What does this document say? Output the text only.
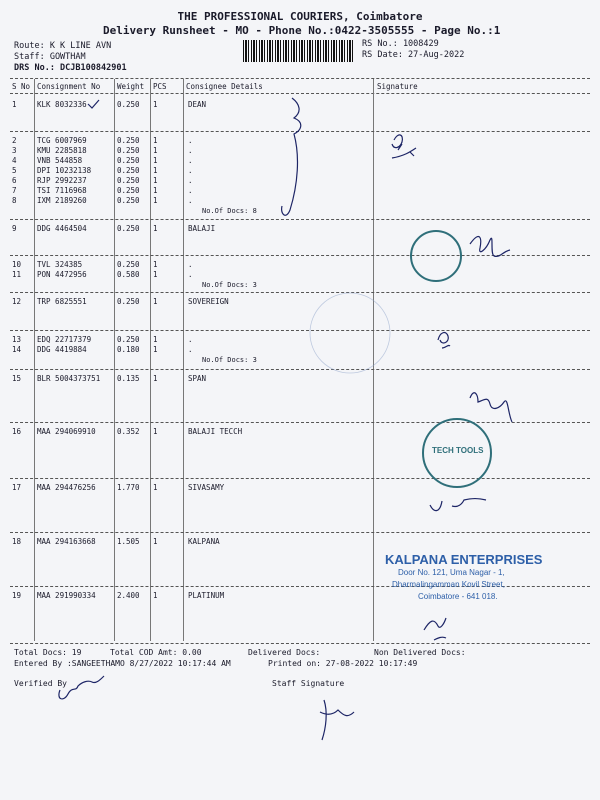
THE PROFESSIONAL COURIERS, Coimbatore
Delivery Runsheet - MO - Phone No.:0422-3505555 - Page No.:1
Route: K K LINE AVN
Staff: GOWTHAM
DRS No.: DCJB100842901
RS No.: 1008429
RS Date: 27-Aug-2022
S No Consignment No Weight PCS	Consignee Details	Signature
1	KLK 8032336	0.250 1	DEAN
2	TCG 6007969	0.250 1	.
3	KMU 2285818	0.250 1	.
4	VNB 544858	0.250 1	.
5	DPI 10232138	0.250 1	.
6	RJP 2992237	0.250 1	.
7	TSI 7116968	0.250 1	.
8	IXM 2189260	0.250 1	.
No.Of Docs: 8
9	DDG 4464504	0.250 1	BALAJI
10 TVL 324385	0.250 1	.
11 PON 4472956	0.580 1	.
No.Of Docs: 3
12 TRP 6825551	0.250 1	SOVEREIGN
13 EDQ 22717379	0.250 1	.
14 DDG 4419884	0.180 1	.
No.Of Docs: 3
15 BLR 5004373751 0.135 1	SPAN
16 MAA 294069910	0.352 1	BALAJI TECCH
17 MAA 294476256	1.770 1	SIVASAMY
18 MAA 294163668	1.505 1	KALPANA
19 MAA 291990334	2.400 1	PLATINUM
TECH TOOLS
KALPANA ENTERPRISES
Door No. 121, Uma Nagar - 1,
Dharmalingamman Kovil Street,
Coimbatore - 641 018.
Total Docs: 19	Total COD Amt: 0.00	Delivered Docs:	Non Delivered Docs:
Entered By :SANGEETHAMO 8/27/2022 10:17:44 AM	Printed on: 27-08-2022 10:17:49
Verified By	Staff Signature
